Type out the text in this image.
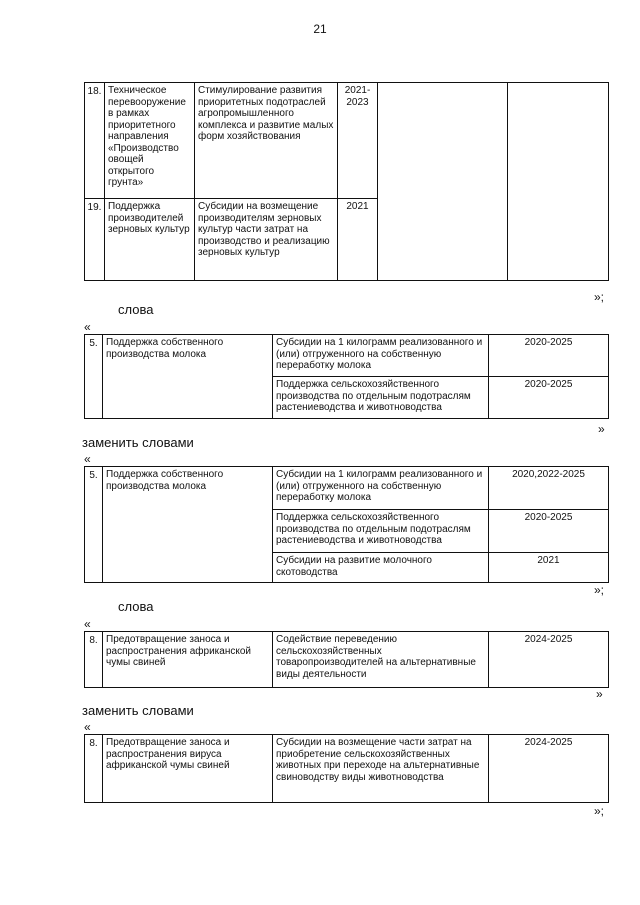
21
18.	Техническое перевооружение в рамках приоритетного направления «Производство овощей открытого грунта»	Стимулирование развития приоритетных подотраслей агропромышленного комплекса и развитие малых форм хозяйствования	2021-2023		
19.	Поддержка производителей зерновых культур	Субсидии на возмещение производителям зерновых культур части затрат на производство и реализацию зерновых культур	2021		
»;
слова
«
5.	Поддержка собственного производства молока	Субсидии на 1 килограмм реализованного и (или) отгруженного на собственную переработку молока	2020-2025
		Поддержка сельскохозяйственного производства по отдельным подотраслям растениеводства и животноводства	2020-2025
»
заменить словами
«
5.	Поддержка собственного производства молока	Субсидии на 1 килограмм реализованного и (или) отгруженного на собственную переработку молока	2020,2022-2025
		Поддержка сельскохозяйственного производства по отдельным подотраслям растениеводства и животноводства	2020-2025
		Субсидии на развитие молочного скотоводства	2021
»;
слова
«
8.	Предотвращение заноса и распространения африканской чумы свиней	Содействие переведению сельскохозяйственных товаропроизводителей на альтернативные виды деятельности	2024-2025
»
заменить словами
«
8.	Предотвращение заноса и распространения вируса африканской чумы свиней	Субсидии на возмещение части затрат на приобретение сельскохозяйственных животных при переходе на альтернативные свиноводству виды животноводства	2024-2025
»;
